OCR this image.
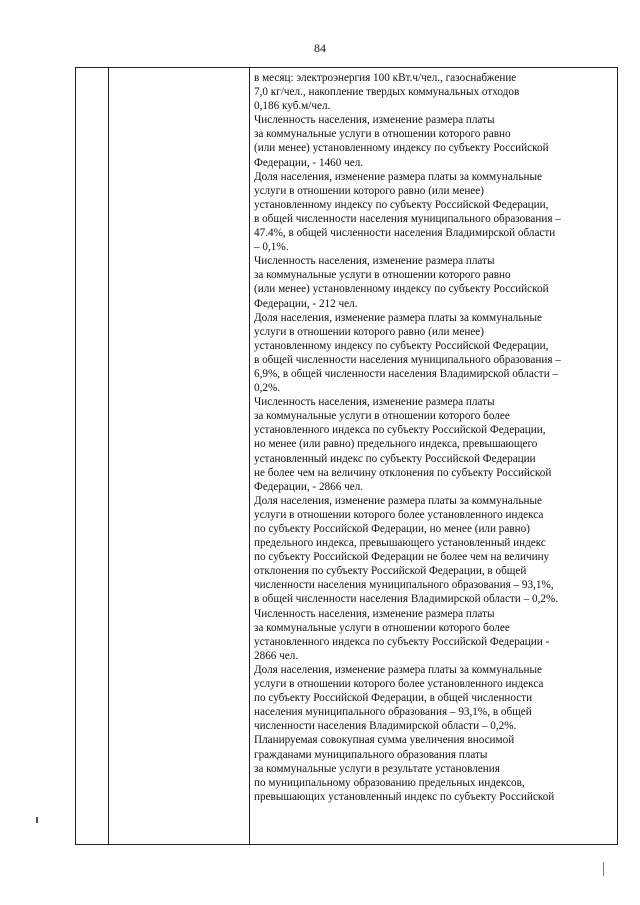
84

в месяц: электроэнергия 100 кВт.ч/чел., газоснабжение
7,0 кг/чел., накопление твердых коммунальных отходов
0,186 куб.м/чел.
Численность населения, изменение размера платы
за коммунальные услуги в отношении которого равно
(или менее) установленному индексу по субъекту Российской
Федерации, - 1460 чел.
Доля населения, изменение размера платы за коммунальные
услуги в отношении которого равно (или менее)
установленному индексу по субъекту Российской Федерации,
в общей численности населения муниципального образования –
47.4%, в общей численности населения Владимирской области
– 0,1%.
Численность населения, изменение размера платы
за коммунальные услуги в отношении которого равно
(или менее) установленному индексу по субъекту Российской
Федерации, - 212 чел.
Доля населения, изменение размера платы за коммунальные
услуги в отношении которого равно (или менее)
установленному индексу по субъекту Российской Федерации,
в общей численности населения муниципального образования –
6,9%, в общей численности населения Владимирской области –
0,2%.
Численность населения, изменение размера платы
за коммунальные услуги в отношении которого более
установленного индекса по субъекту Российской Федерации,
но менее (или равно) предельного индекса, превышающего
установленный индекс по субъекту Российской Федерации
не более чем на величину отклонения по субъекту Российской
Федерации, - 2866 чел.
Доля населения, изменение размера платы за коммунальные
услуги в отношении которого более установленного индекса
по субъекту Российской Федерации, но менее (или равно)
предельного индекса, превышающего установленный индекс
по субъекту Российской Федерации не более чем на величину
отклонения по субъекту Российской Федерации, в общей
численности населения муниципального образования – 93,1%,
в общей численности населения Владимирской области – 0,2%.
Численность населения, изменение размера платы
за коммунальные услуги в отношении которого более
установленного индекса по субъекту Российской Федерации -
2866 чел.
Доля населения, изменение размера платы за коммунальные
услуги в отношении которого более установленного индекса
по субъекту Российской Федерации, в общей численности
населения муниципального образования – 93,1%, в общей
численности населения Владимирской области – 0,2%.
Планируемая совокупная сумма увеличения вносимой
гражданами муниципального образования платы
за коммунальные услуги в результате установления
по муниципальному образованию предельных индексов,
превышающих установленный индекс по субъекту Российской
